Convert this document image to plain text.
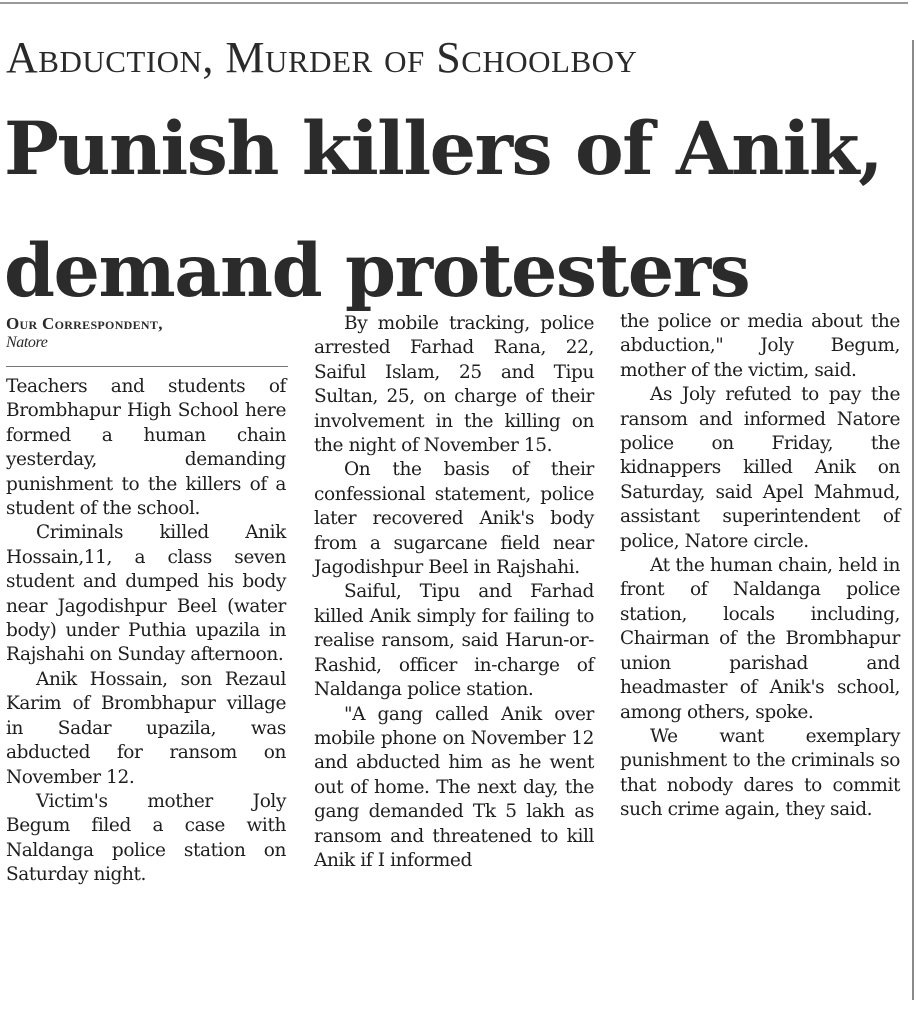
Abduction, Murder of Schoolboy
Punish killers of Anik, demand protesters
Our Correspondent,
Natore

Teachers and students of Brombhapur High School here formed a human chain yesterday, demanding punishment to the killers of a student of the school.

Criminals killed Anik Hossain,11, a class seven student and dumped his body near Jagodishpur Beel (water body) under Puthia upazila in Rajshahi on Sunday afternoon.

Anik Hossain, son Rezaul Karim of Brombhapur village in Sadar upazila, was abducted for ransom on November 12.

Victim's mother Joly Begum filed a case with Naldanga police station on Saturday night.

By mobile tracking, police arrested Farhad Rana, 22, Saiful Islam, 25 and Tipu Sultan, 25, on charge of their involvement in the killing on the night of November 15.

On the basis of their confessional statement, police later recovered Anik's body from a sugarcane field near Jagodishpur Beel in Rajshahi.

Saiful, Tipu and Farhad killed Anik simply for failing to realise ransom, said Harun-or-Rashid, officer in-charge of Naldanga police station.

"A gang called Anik over mobile phone on November 12 and abducted him as he went out of home. The next day, the gang demanded Tk 5 lakh as ransom and threatened to kill Anik if I informed

the police or media about the abduction," Joly Begum, mother of the victim, said.

As Joly refuted to pay the ransom and informed Natore police on Friday, the kidnappers killed Anik on Saturday, said Apel Mahmud, assistant superintendent of police, Natore circle.

At the human chain, held in front of Naldanga police station, locals including, Chairman of the Brombhapur union parishad and headmaster of Anik's school, among others, spoke.

We want exemplary punishment to the criminals so that nobody dares to commit such crime again, they said.
